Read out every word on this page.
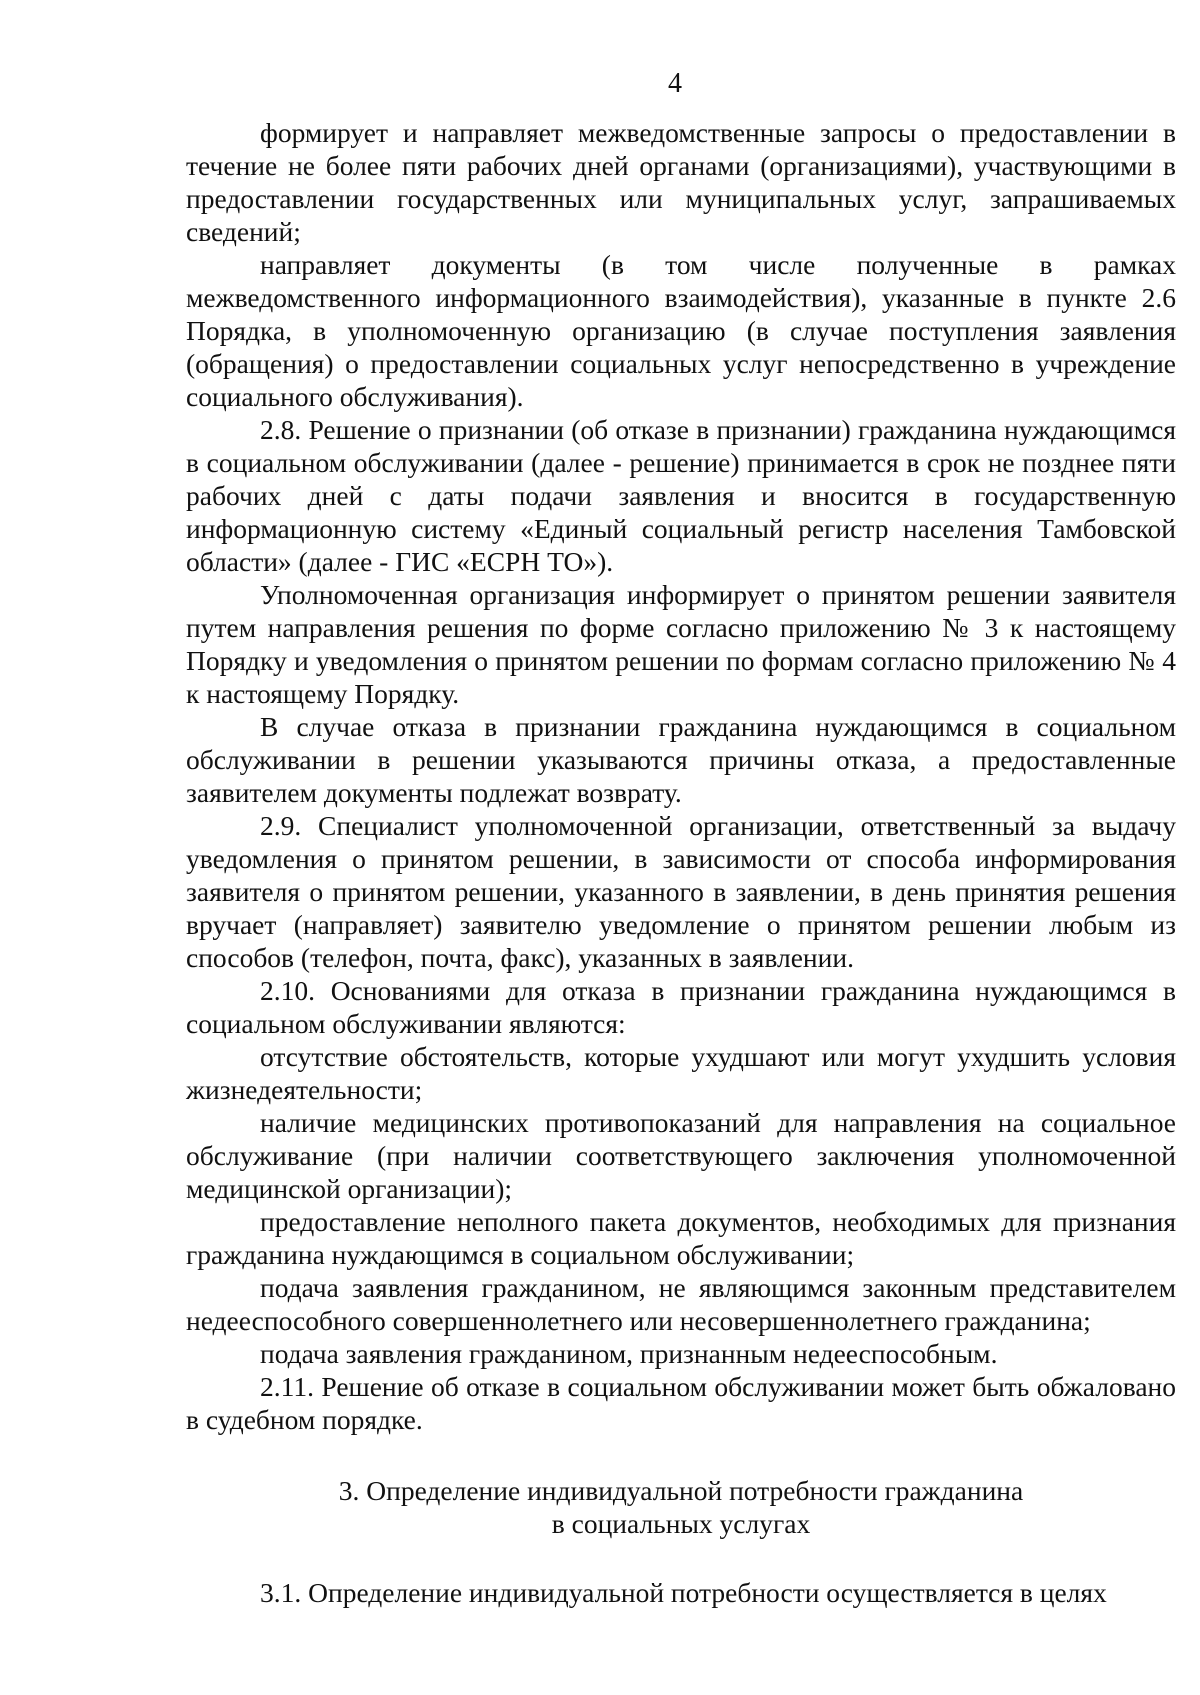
4

формирует и направляет межведомственные запросы о предоставлении в течение не более пяти рабочих дней органами (организациями), участвующими в предоставлении государственных или муниципальных услуг, запрашиваемых сведений;

направляет документы (в том числе полученные в рамках межведомственного информационного взаимодействия), указанные в пункте 2.6 Порядка, в уполномоченную организацию (в случае поступления заявления (обращения) о предоставлении социальных услуг непосредственно в учреждение социального обслуживания).

2.8. Решение о признании (об отказе в признании) гражданина нуждающимся в социальном обслуживании (далее - решение) принимается в срок не позднее пяти рабочих дней с даты подачи заявления и вносится в государственную информационную систему «Единый социальный регистр населения Тамбовской области» (далее - ГИС «ЕСРН ТО»).

Уполномоченная организация информирует о принятом решении заявителя путем направления решения по форме согласно приложению № 3 к настоящему Порядку и уведомления о принятом решении по формам согласно приложению № 4 к настоящему Порядку.

В случае отказа в признании гражданина нуждающимся в социальном обслуживании в решении указываются причины отказа, а предоставленные заявителем документы подлежат возврату.

2.9. Специалист уполномоченной организации, ответственный за выдачу уведомления о принятом решении, в зависимости от способа информирования заявителя о принятом решении, указанного в заявлении, в день принятия решения вручает (направляет) заявителю уведомление о принятом решении любым из способов (телефон, почта, факс), указанных в заявлении.

2.10. Основаниями для отказа в признании гражданина нуждающимся в социальном обслуживании являются:

отсутствие обстоятельств, которые ухудшают или могут ухудшить условия жизнедеятельности;

наличие медицинских противопоказаний для направления на социальное обслуживание (при наличии соответствующего заключения уполномоченной медицинской организации);

предоставление неполного пакета документов, необходимых для признания гражданина нуждающимся в социальном обслуживании;

подача заявления гражданином, не являющимся законным представителем недееспособного совершеннолетнего или несовершеннолетнего гражданина;

подача заявления гражданином, признанным недееспособным.

2.11. Решение об отказе в социальном обслуживании может быть обжаловано в судебном порядке.

3. Определение индивидуальной потребности гражданина
в социальных услугах

3.1. Определение индивидуальной потребности осуществляется в целях
